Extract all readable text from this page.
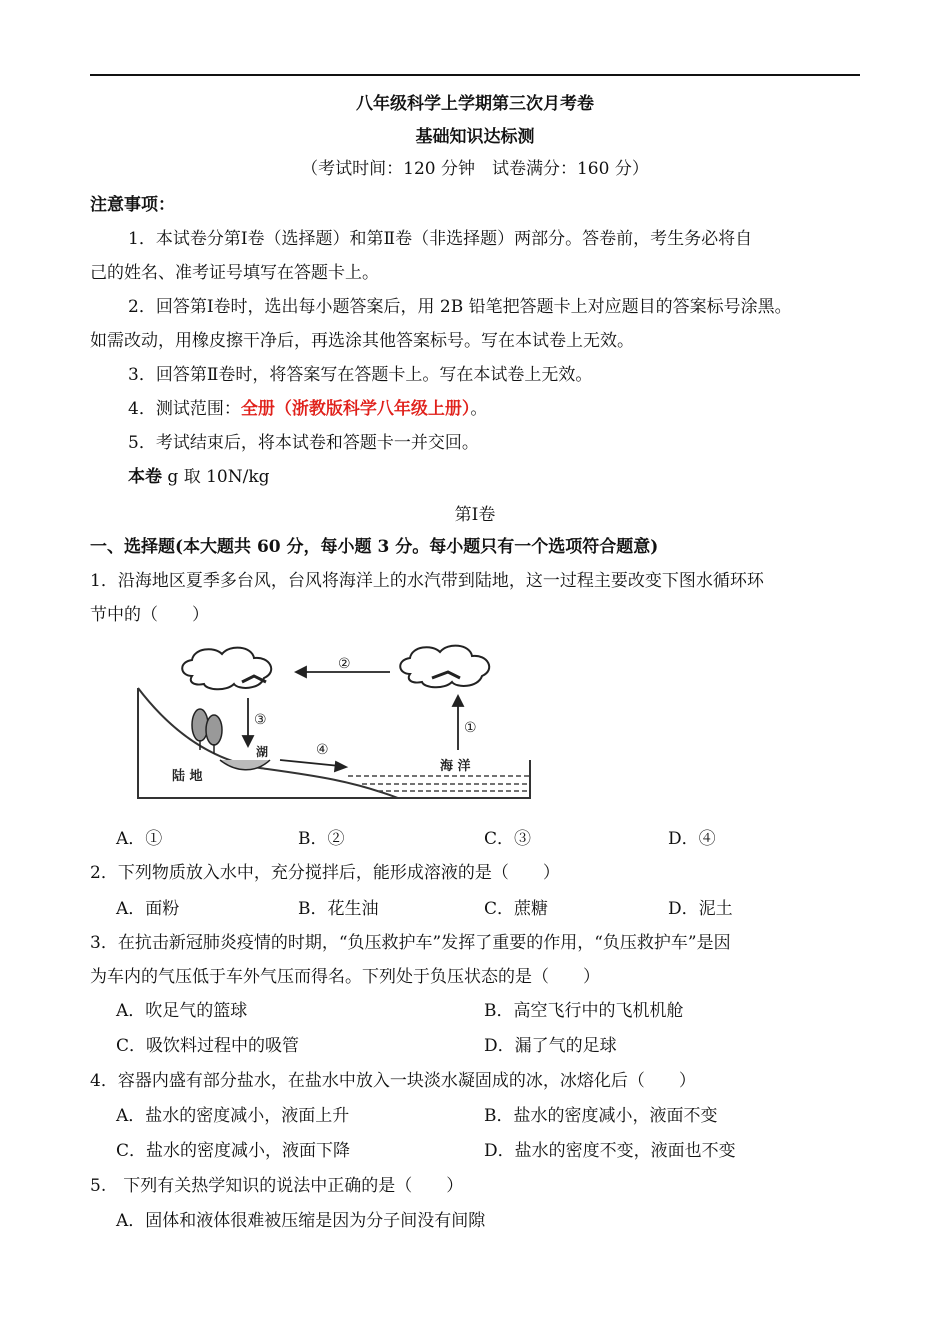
八年级科学上学期第三次月考卷
基础知识达标测
（考试时间：120 分钟　试卷满分：160 分）
注意事项：
1．本试卷分第Ⅰ卷（选择题）和第Ⅱ卷（非选择题）两部分。答卷前，考生务必将自
己的姓名、准考证号填写在答题卡上。
2．回答第Ⅰ卷时，选出每小题答案后，用 2B 铅笔把答题卡上对应题目的答案标号涂黑。
如需改动，用橡皮擦干净后，再选涂其他答案标号。写在本试卷上无效。
3．回答第Ⅱ卷时，将答案写在答题卡上。写在本试卷上无效。
4．测试范围：全册（浙教版科学八年级上册）。
5．考试结束后，将本试卷和答题卡一并交回。
本卷 g 取 10N/kg
第Ⅰ卷
一、选择题(本大题共 60 分，每小题 3 分。每小题只有一个选项符合题意)
1．沿海地区夏季多台风，台风将海洋上的水汽带到陆地，这一过程主要改变下图水循环环
节中的（　　）
②
③	①
④
湖
陆 地
海 洋
A．①	B．②	C．③	D．④
2．下列物质放入水中，充分搅拌后，能形成溶液的是（　　）
A．面粉	B．花生油	C．蔗糖	D．泥土
3．在抗击新冠肺炎疫情的时期，“负压救护车”发挥了重要的作用，“负压救护车”是因
为车内的气压低于车外气压而得名。下列处于负压状态的是（　　）
A．吹足气的篮球	B．高空飞行中的飞机机舱
C．吸饮料过程中的吸管	D．漏了气的足球
4．容器内盛有部分盐水，在盐水中放入一块淡水凝固成的冰，冰熔化后（　　）
A．盐水的密度减小，液面上升	B．盐水的密度减小，液面不变
C．盐水的密度减小，液面下降	D．盐水的密度不变，液面也不变
5.　下列有关热学知识的说法中正确的是（　　）
A．固体和液体很难被压缩是因为分子间没有间隙
